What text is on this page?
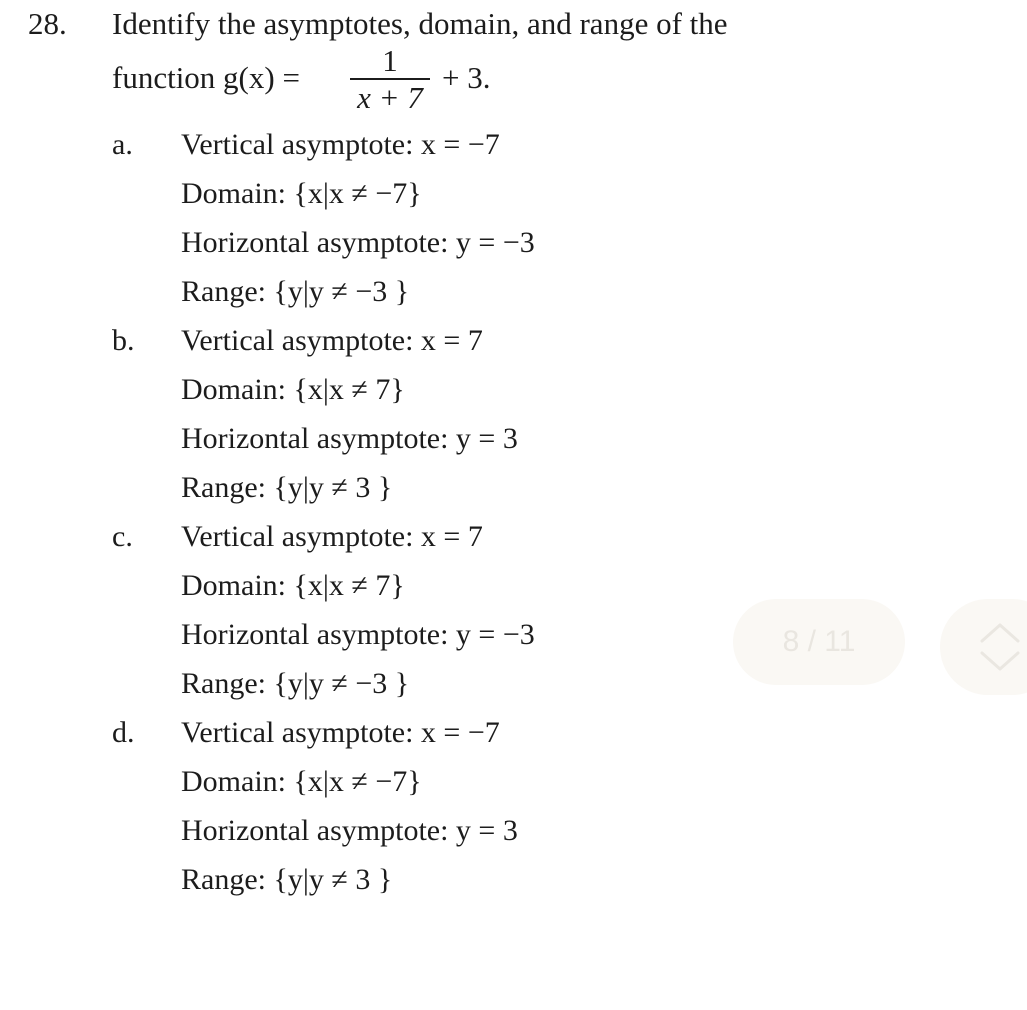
28. Identify the asymptotes, domain, and range of the
function $g(x) = \frac{1}{x + 7} + 3$.
a. Vertical asymptote: x = −7
Domain: {x|x ≠ −7}
Horizontal asymptote: y = −3
Range: {y|y ≠ −3 }
b. Vertical asymptote: x = 7
Domain: {x|x ≠ 7}
Horizontal asymptote: y = 3
Range: {y|y ≠ 3 }
c. Vertical asymptote: x = 7
Domain: {x|x ≠ 7}
Horizontal asymptote: y = −3
Range: {y|y ≠ −3 }
d. Vertical asymptote: x = −7
Domain: {x|x ≠ −7}
Horizontal asymptote: y = 3
Range: {y|y ≠ 3 }
8 / 11
